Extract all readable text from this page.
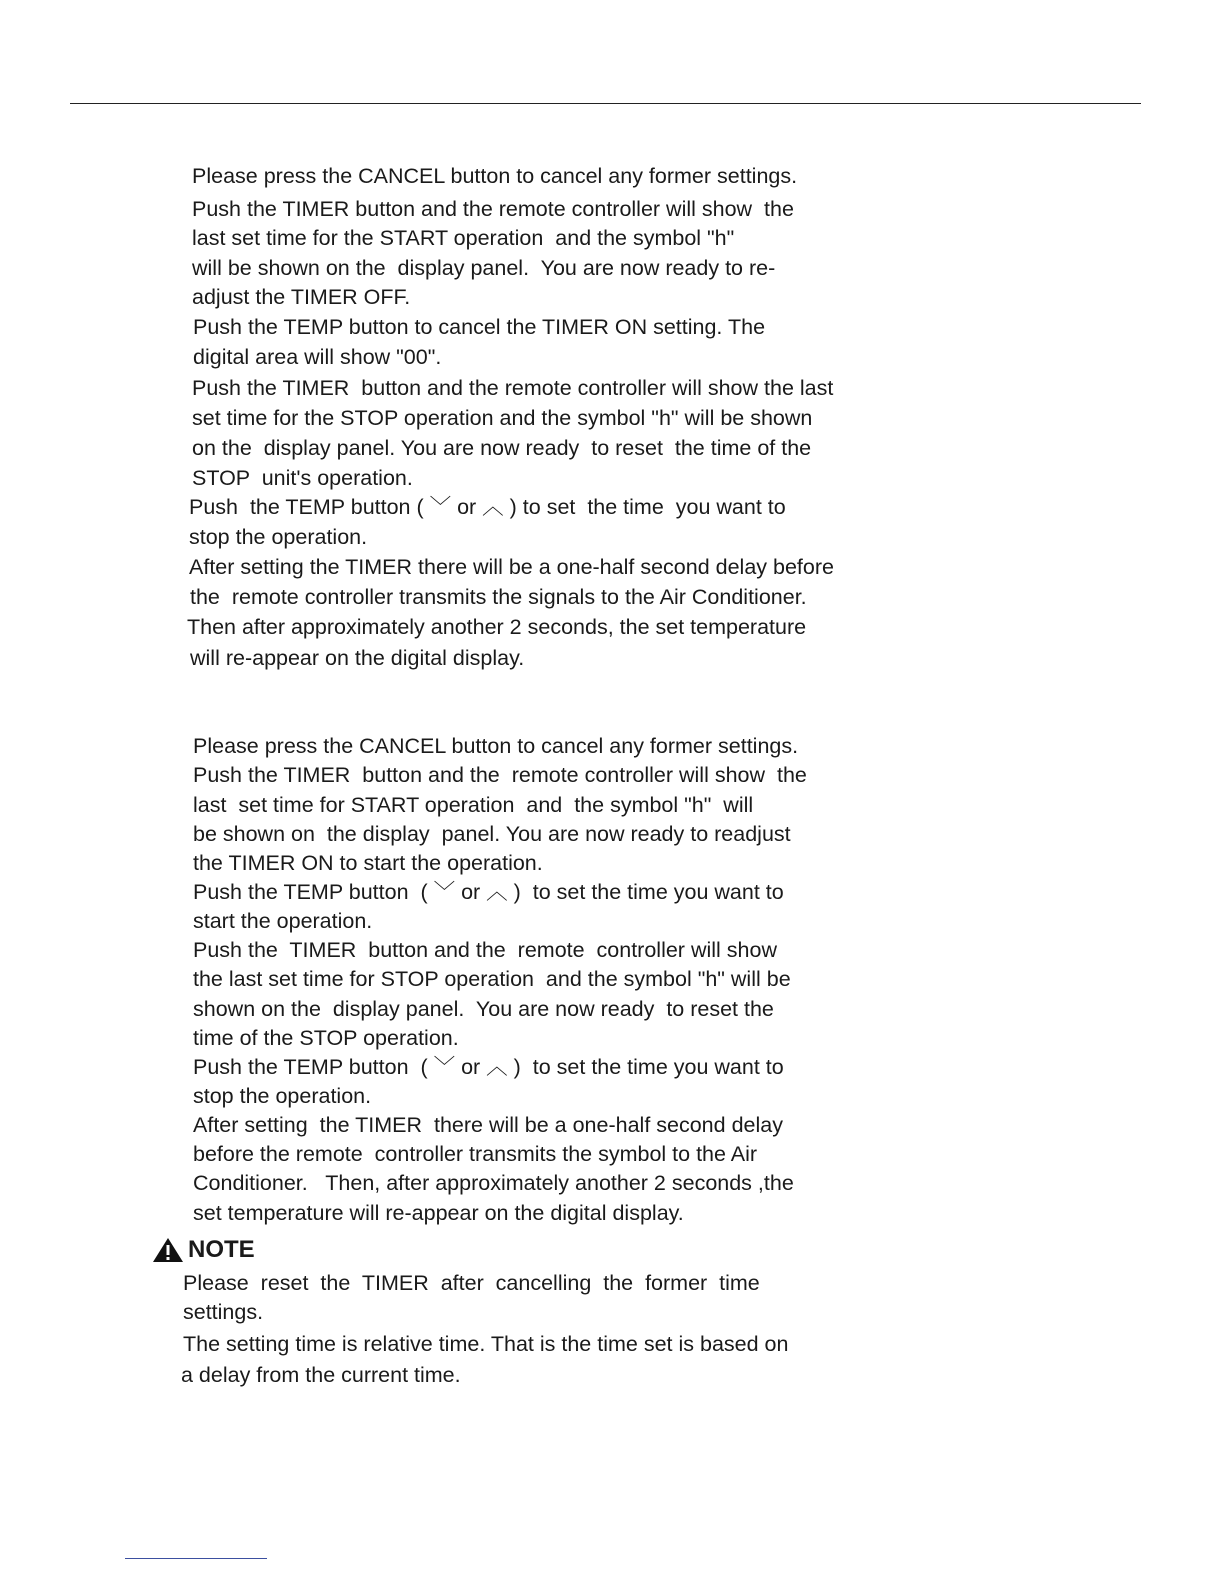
Please press the CANCEL button to cancel any former settings.
Push the TIMER button and the remote controller will show  the
last set time for the START operation  and the symbol "h"
will be shown on the  display panel.  You are now ready to re-
adjust the TIMER OFF.
Push the TEMP button to cancel the TIMER ON setting. The
digital area will show "00".
Push the TIMER  button and the remote controller will show the last
set time for the STOP operation and the symbol "h" will be shown
on the  display panel. You are now ready  to reset  the time of the
STOP  unit's operation.
Push  the TEMP button ( ﹀ or ︿ ) to set  the time  you want to
stop the operation.
After setting the TIMER there will be a one-half second delay before
the  remote controller transmits the signals to the Air Conditioner.
Then after approximately another 2 seconds, the set temperature
will re-appear on the digital display.
Please press the CANCEL button to cancel any former settings.
Push the TIMER  button and the  remote controller will show  the
last  set time for START operation  and  the symbol "h"  will
be shown on  the display  panel. You are now ready to readjust
the TIMER ON to start the operation.
Push the TEMP button  ( ﹀ or ︿ )  to set the time you want to
start the operation.
Push the  TIMER  button and the  remote  controller will show
the last set time for STOP operation  and the symbol "h" will be
shown on the  display panel.  You are now ready  to reset the
time of the STOP operation.
Push the TEMP button  ( ﹀ or ︿ )  to set the time you want to
stop the operation.
After setting  the TIMER  there will be a one-half second delay
before the remote  controller transmits the symbol to the Air
Conditioner.   Then, after approximately another 2 seconds ,the
set temperature will re-appear on the digital display.
NOTE
Please  reset  the  TIMER  after  cancelling  the  former  time
settings.
The setting time is relative time. That is the time set is based on
a delay from the current time.
